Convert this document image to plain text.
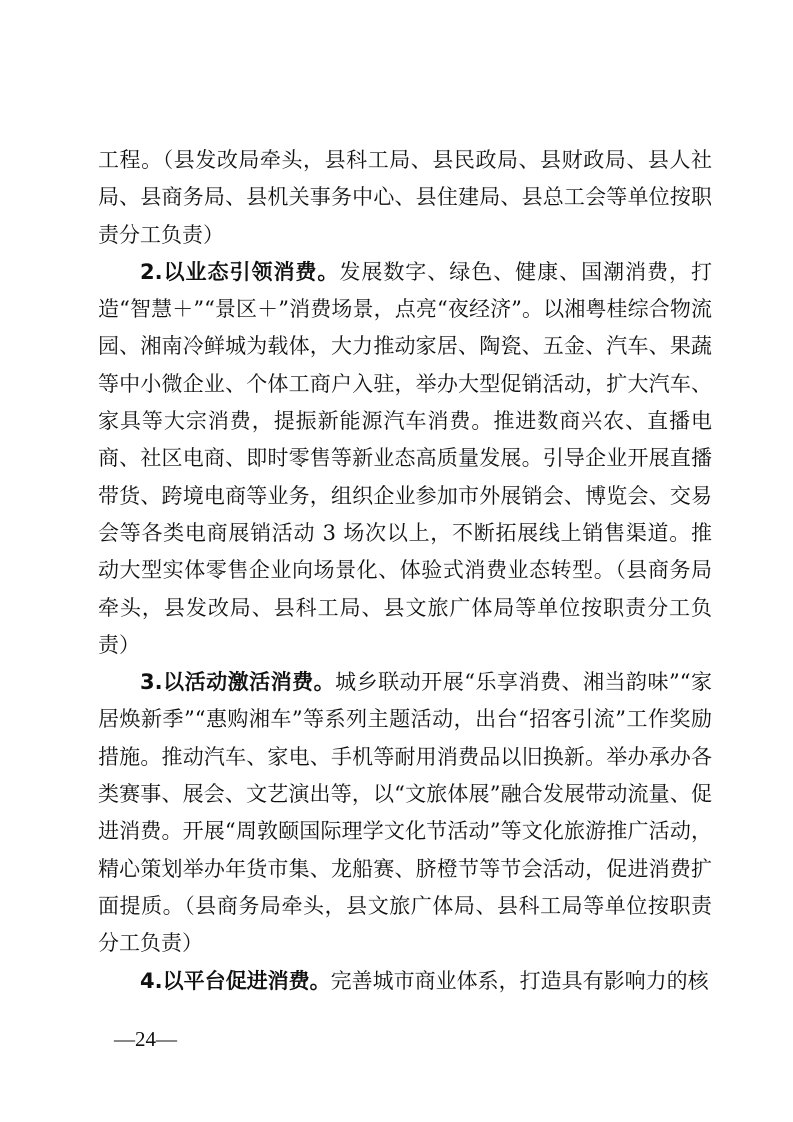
工程。（县发改局牵头，县科工局、县民政局、县财政局、县人社局、县商务局、县机关事务中心、县住建局、县总工会等单位按职责分工负责）

2.以业态引领消费。发展数字、绿色、健康、国潮消费，打造“智慧＋”“景区＋”消费场景，点亮“夜经济”。以湘粤桂综合物流园、湘南冷鲜城为载体，大力推动家居、陶瓷、五金、汽车、果蔬等中小微企业、个体工商户入驻，举办大型促销活动，扩大汽车、家具等大宗消费，提振新能源汽车消费。推进数商兴农、直播电商、社区电商、即时零售等新业态高质量发展。引导企业开展直播带货、跨境电商等业务，组织企业参加市外展销会、博览会、交易会等各类电商展销活动 3 场次以上，不断拓展线上销售渠道。推动大型实体零售企业向场景化、体验式消费业态转型。（县商务局牵头，县发改局、县科工局、县文旅广体局等单位按职责分工负责）

3.以活动激活消费。城乡联动开展“乐享消费、湘当韵味”“家居焕新季”“惠购湘车”等系列主题活动，出台“招客引流”工作奖励措施。推动汽车、家电、手机等耐用消费品以旧换新。举办承办各类赛事、展会、文艺演出等，以“文旅体展”融合发展带动流量、促进消费。开展“周敦颐国际理学文化节活动”等文化旅游推广活动，精心策划举办年货市集、龙船赛、脐橙节等节会活动，促进消费扩面提质。（县商务局牵头，县文旅广体局、县科工局等单位按职责分工负责）

4.以平台促进消费。完善城市商业体系，打造具有影响力的核

—24—
